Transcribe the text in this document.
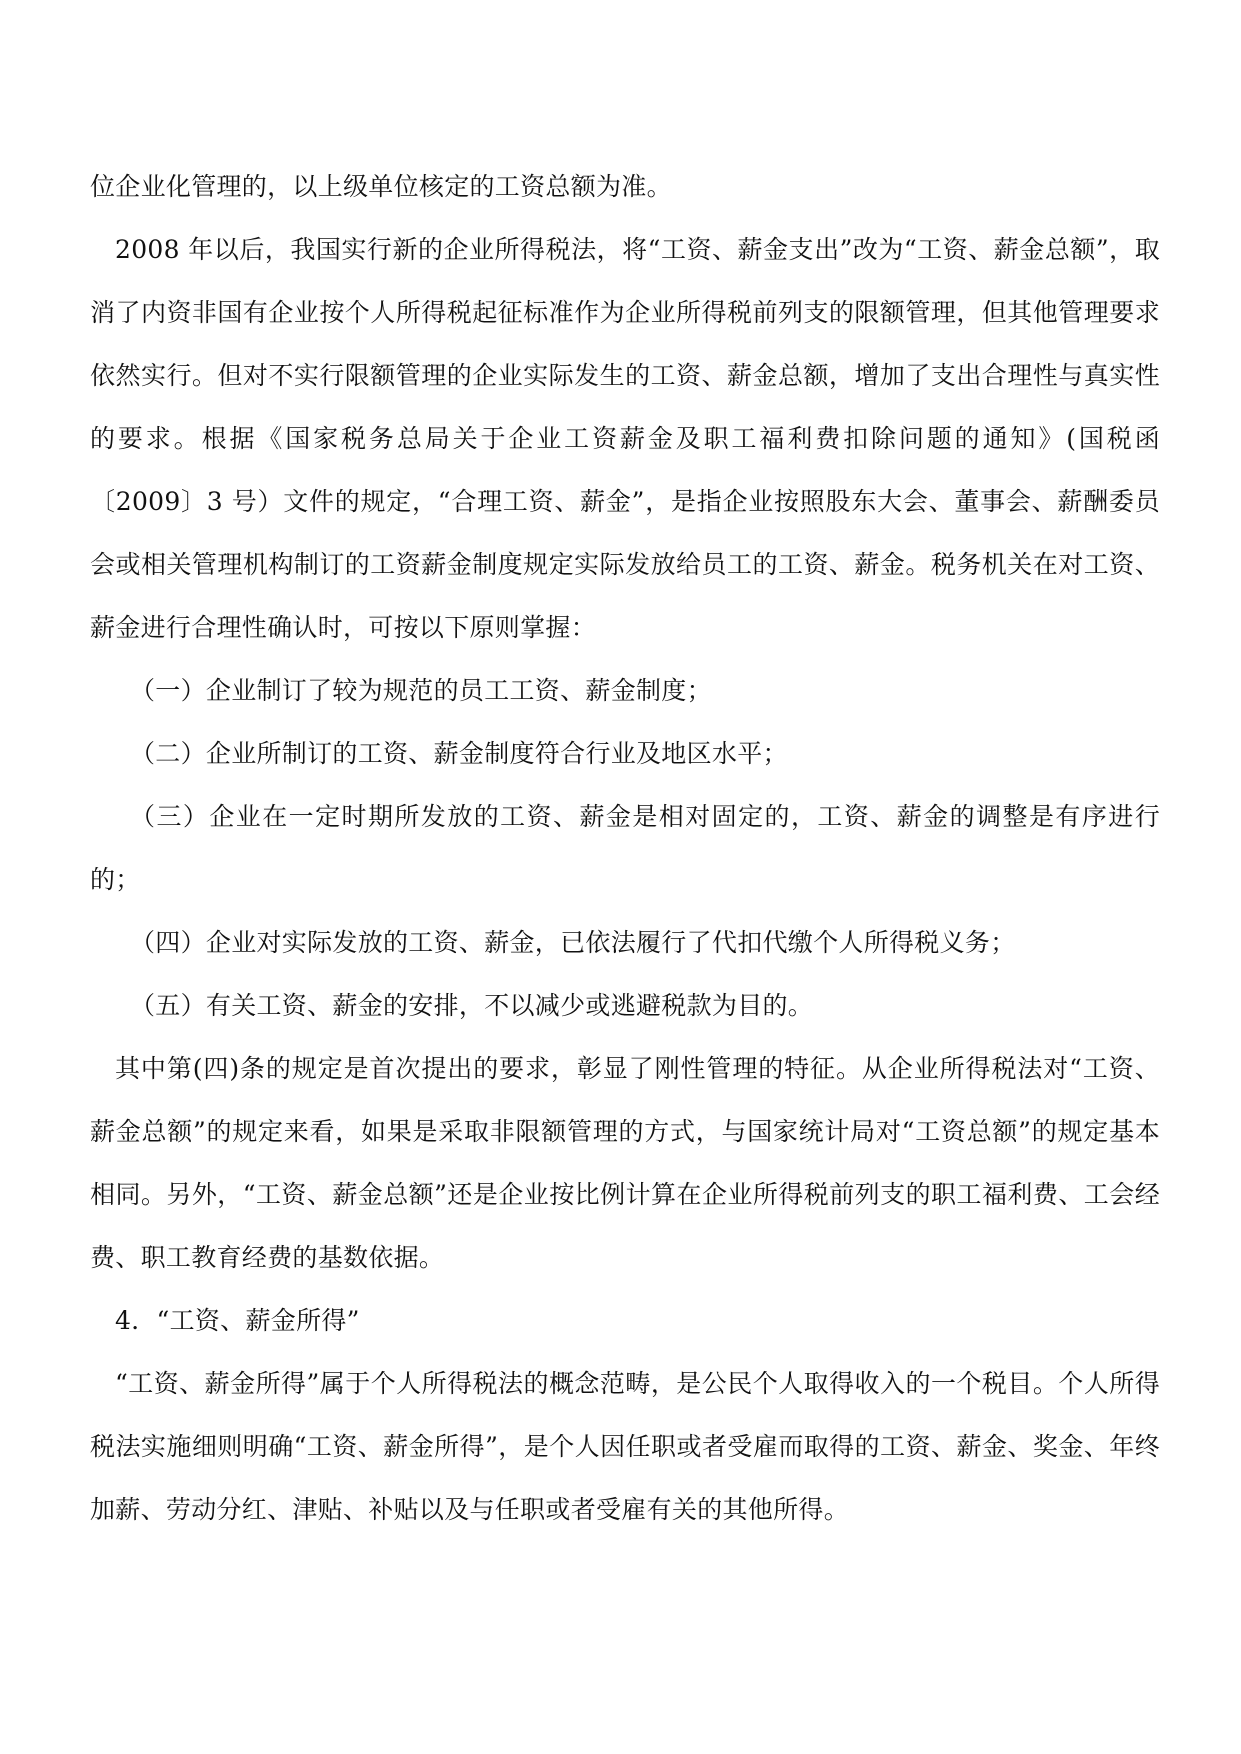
位企业化管理的，以上级单位核定的工资总额为准。

2008 年以后，我国实行新的企业所得税法，将“工资、薪金支出”改为“工资、薪金总额”，取消了内资非国有企业按个人所得税起征标准作为企业所得税前列支的限额管理，但其他管理要求依然实行。但对不实行限额管理的企业实际发生的工资、薪金总额，增加了支出合理性与真实性的要求。根据《国家税务总局关于企业工资薪金及职工福利费扣除问题的通知》(国税函〔2009〕3 号）文件的规定，“合理工资、薪金”，是指企业按照股东大会、董事会、薪酬委员会或相关管理机构制订的工资薪金制度规定实际发放给员工的工资、薪金。税务机关在对工资、薪金进行合理性确认时，可按以下原则掌握：

（一）企业制订了较为规范的员工工资、薪金制度；

（二）企业所制订的工资、薪金制度符合行业及地区水平；

（三）企业在一定时期所发放的工资、薪金是相对固定的，工资、薪金的调整是有序进行的；

（四）企业对实际发放的工资、薪金，已依法履行了代扣代缴个人所得税义务；

（五）有关工资、薪金的安排，不以减少或逃避税款为目的。

其中第(四)条的规定是首次提出的要求，彰显了刚性管理的特征。从企业所得税法对“工资、薪金总额”的规定来看，如果是采取非限额管理的方式，与国家统计局对“工资总额”的规定基本相同。另外，“工资、薪金总额”还是企业按比例计算在企业所得税前列支的职工福利费、工会经费、职工教育经费的基数依据。

4．“工资、薪金所得”

“工资、薪金所得”属于个人所得税法的概念范畴，是公民个人取得收入的一个税目。个人所得税法实施细则明确“工资、薪金所得”，是个人因任职或者受雇而取得的工资、薪金、奖金、年终加薪、劳动分红、津贴、补贴以及与任职或者受雇有关的其他所得。
